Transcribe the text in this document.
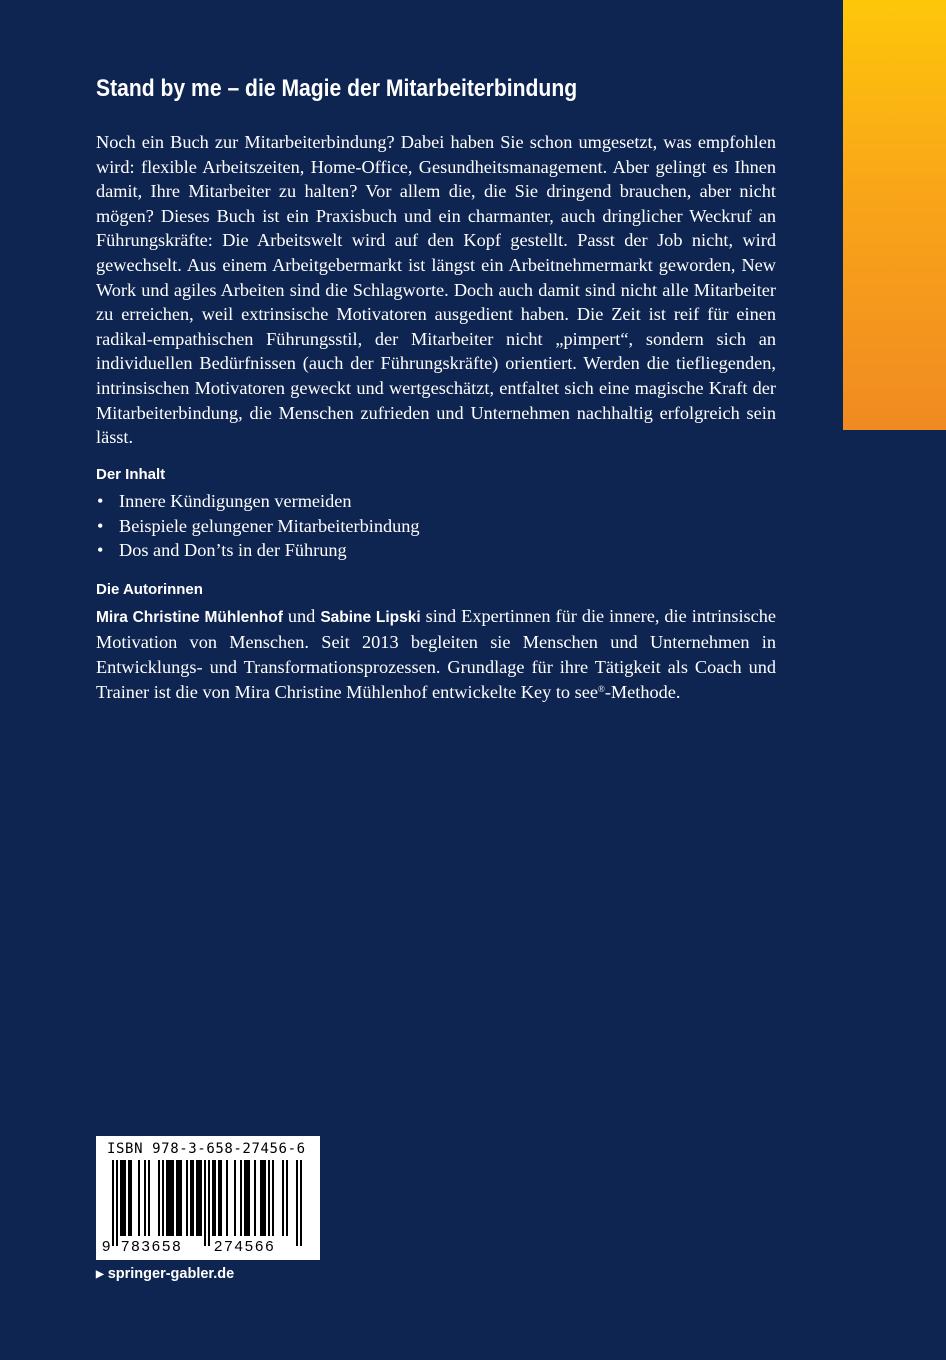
Stand by me – die Magie der Mitarbeiterbindung

Noch ein Buch zur Mitarbeiterbindung? Dabei haben Sie schon umgesetzt, was empfohlen wird: flexible Arbeitszeiten, Home-Office, Gesundheitsmanagement. Aber gelingt es Ihnen damit, Ihre Mitarbeiter zu halten? Vor allem die, die Sie dringend brauchen, aber nicht mögen? Dieses Buch ist ein Praxisbuch und ein charmanter, auch dringlicher Weckruf an Führungskräfte: Die Arbeitswelt wird auf den Kopf gestellt. Passt der Job nicht, wird gewechselt. Aus einem Arbeitgebermarkt ist längst ein Arbeitnehmermarkt geworden, New Work und agiles Arbeiten sind die Schlagworte. Doch auch damit sind nicht alle Mitarbeiter zu erreichen, weil extrinsische Motivatoren ausgedient haben. Die Zeit ist reif für einen radikal-empathischen Führungsstil, der Mitarbeiter nicht „pimpert“, sondern sich an individuellen Bedürfnissen (auch der Führungskräfte) orientiert. Werden die tiefliegenden, intrinsischen Motivatoren geweckt und wertgeschätzt, entfaltet sich eine magische Kraft der Mitarbeiterbindung, die Menschen zufrieden und Unternehmen nachhaltig erfolgreich sein lässt.

Der Inhalt
• Innere Kündigungen vermeiden
• Beispiele gelungener Mitarbeiterbindung
• Dos and Don’ts in der Führung
Die Autorinnen

Mira Christine Mühlenhof und Sabine Lipski sind Expertinnen für die innere, die intrinsische Motivation von Menschen. Seit 2013 begleiten sie Menschen und Unternehmen in Entwicklungs- und Transformationsprozessen. Grundlage für ihre Tätigkeit als Coach und Trainer ist die von Mira Christine Mühlenhof entwickelte Key to see®-Methode.

ISBN 978-3-658-27456-6
9 783658 274566
▶ springer-gabler.de
